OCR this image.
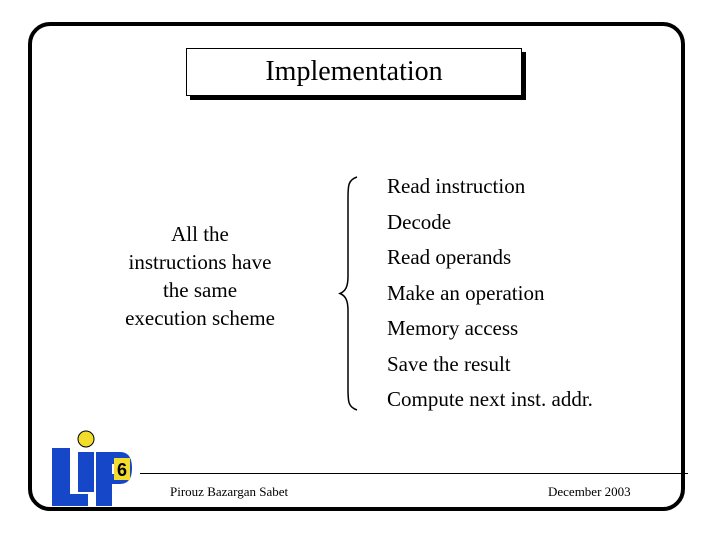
Implementation
All the
instructions have
the same
execution scheme
Read instruction
Decode
Read operands
Make an operation
Memory access
Save the result
Compute next inst. addr.
6
Pirouz Bazargan Sabet	December 2003
